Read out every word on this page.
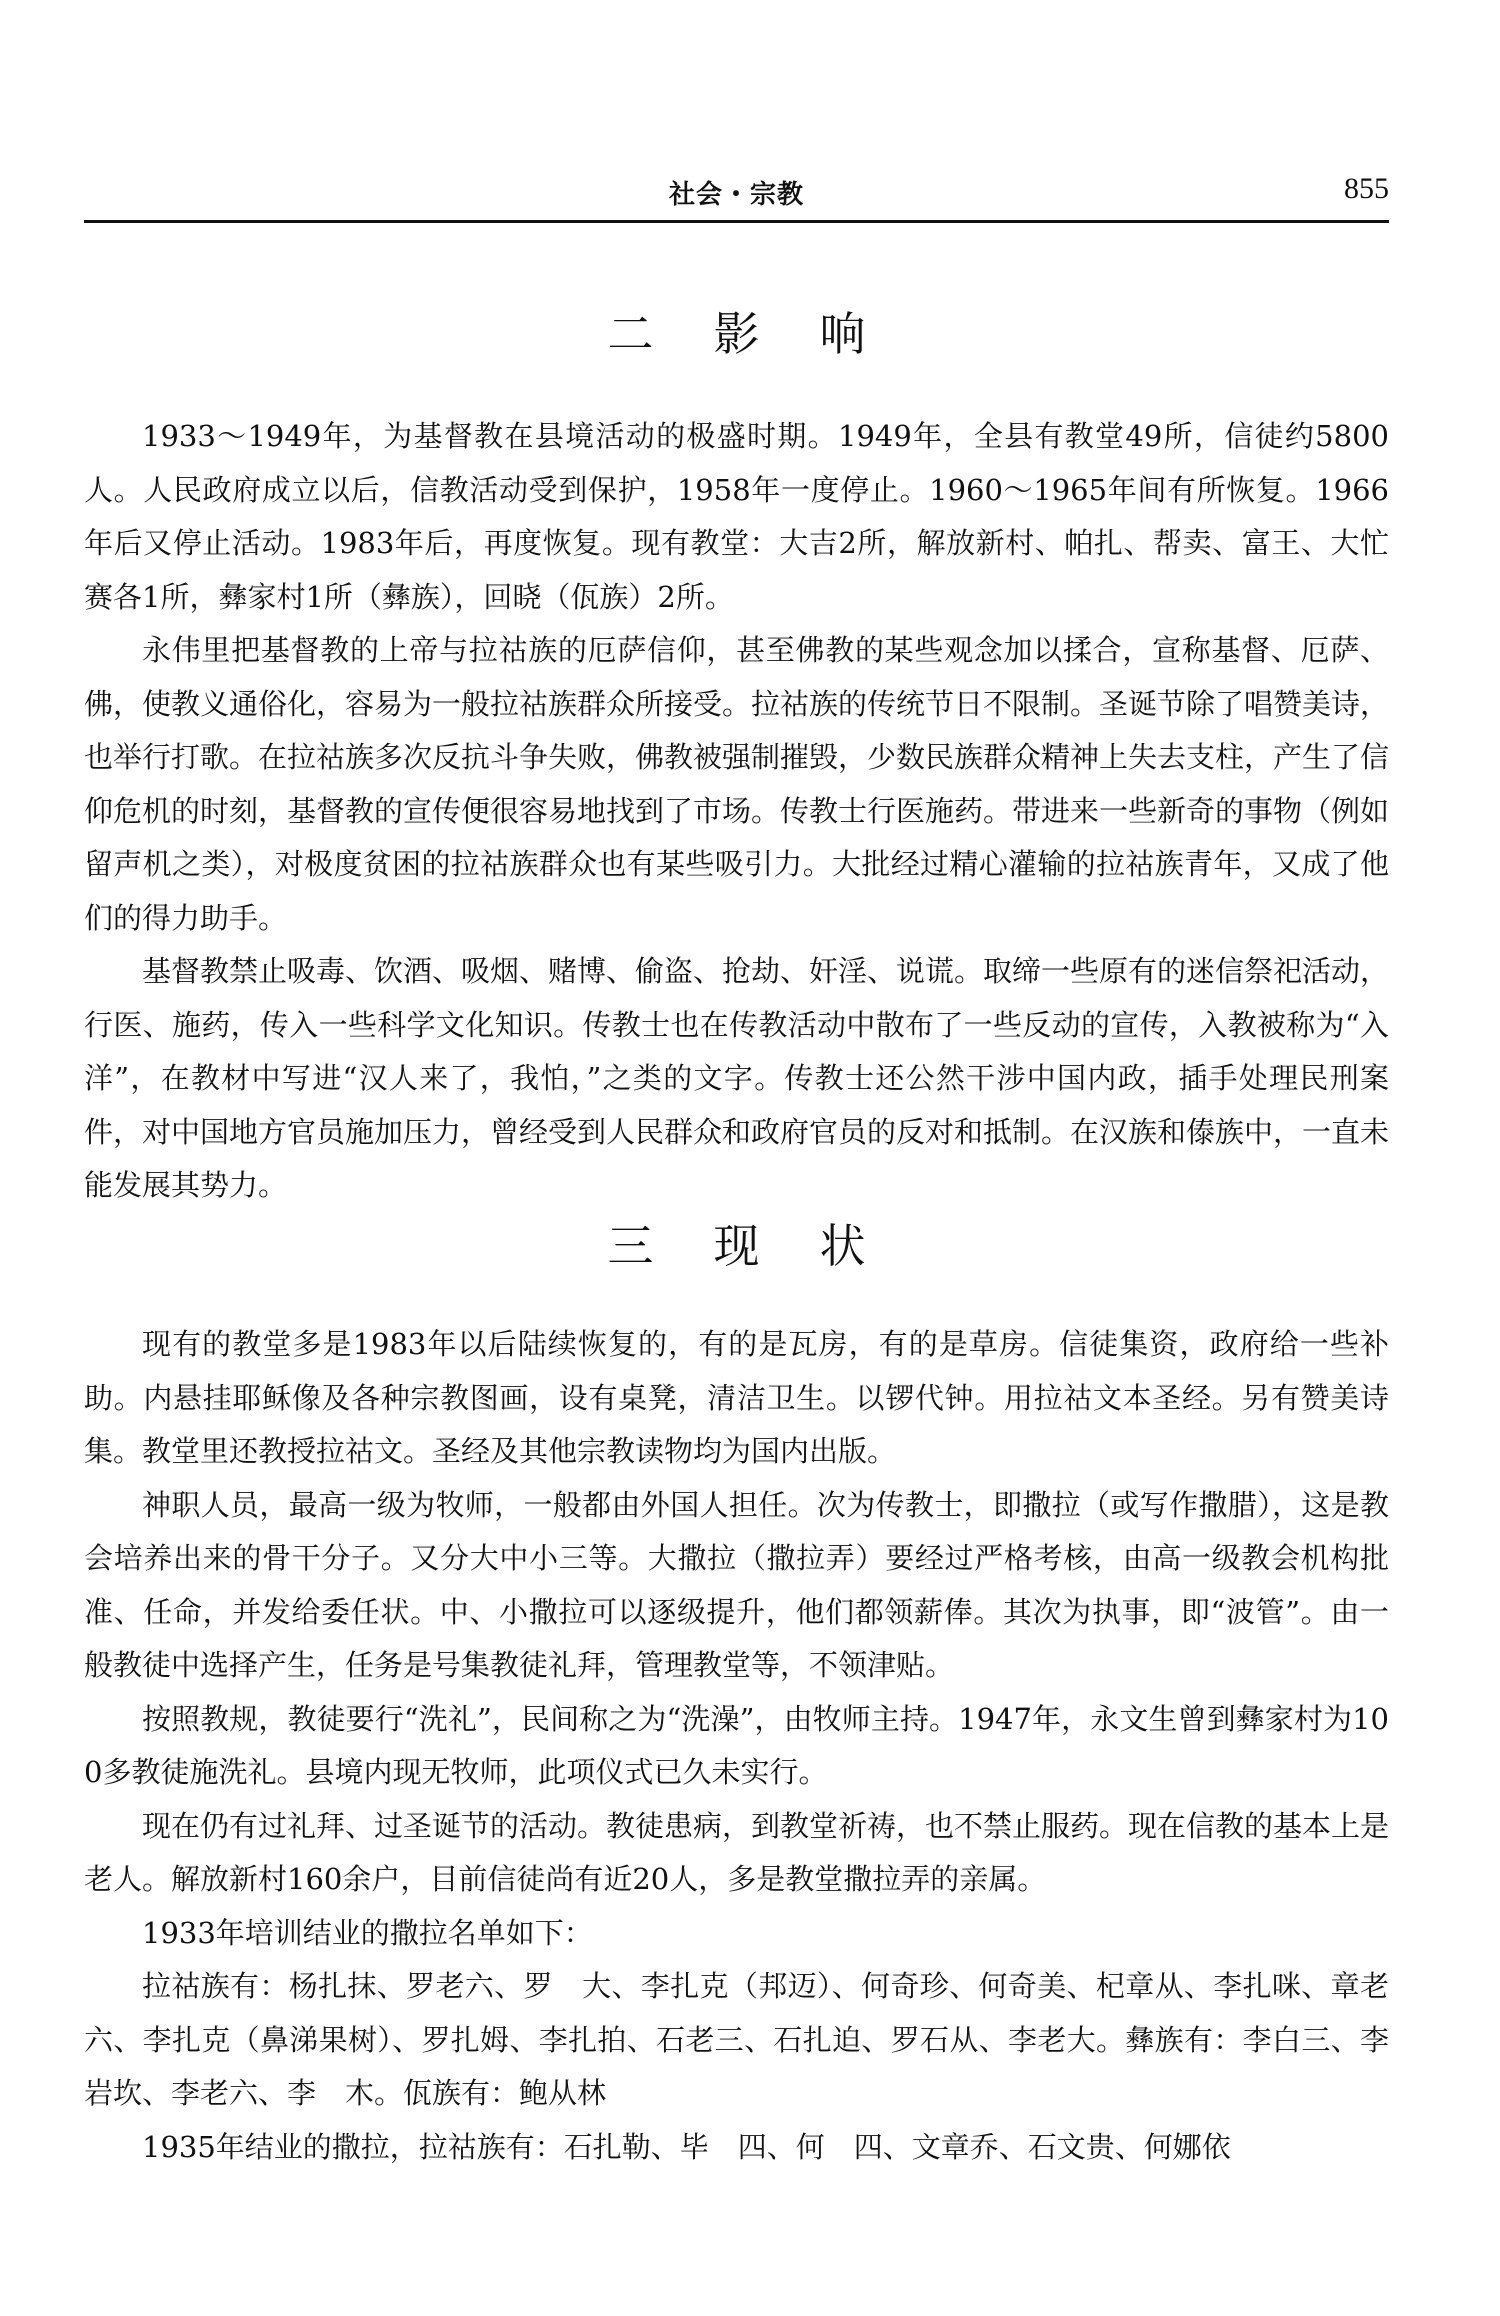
社会・宗教	855
二影响

1933～1949年，为基督教在县境活动的极盛时期。1949年，全县有教堂49所，信徒约5800人。人民政府成立以后，信教活动受到保护，1958年一度停止。1960～1965年间有所恢复。1966年后又停止活动。1983年后，再度恢复。现有教堂：大吉2所，解放新村、帕扎、帮卖、富王、大忙赛各1所，彝家村1所（彝族），回晓（佤族）2所。

永伟里把基督教的上帝与拉祜族的厄萨信仰，甚至佛教的某些观念加以揉合，宣称基督、厄萨、佛，使教义通俗化，容易为一般拉祜族群众所接受。拉祜族的传统节日不限制。圣诞节除了唱赞美诗，也举行打歌。在拉祜族多次反抗斗争失败，佛教被强制摧毁，少数民族群众精神上失去支柱，产生了信仰危机的时刻，基督教的宣传便很容易地找到了市场。传教士行医施药。带进来一些新奇的事物（例如留声机之类），对极度贫困的拉祜族群众也有某些吸引力。大批经过精心灌输的拉祜族青年，又成了他们的得力助手。

基督教禁止吸毒、饮酒、吸烟、赌博、偷盗、抢劫、奸淫、说谎。取缔一些原有的迷信祭祀活动，行医、施药，传入一些科学文化知识。传教士也在传教活动中散布了一些反动的宣传，入教被称为“入洋”，在教材中写进“汉人来了，我怕，”之类的文字。传教士还公然干涉中国内政，插手处理民刑案件，对中国地方官员施加压力，曾经受到人民群众和政府官员的反对和抵制。在汉族和傣族中，一直未能发展其势力。

三现状

现有的教堂多是1983年以后陆续恢复的，有的是瓦房，有的是草房。信徒集资，政府给一些补助。内悬挂耶稣像及各种宗教图画，设有桌凳，清洁卫生。以锣代钟。用拉祜文本圣经。另有赞美诗集。教堂里还教授拉祜文。圣经及其他宗教读物均为国内出版。

神职人员，最高一级为牧师，一般都由外国人担任。次为传教士，即撒拉（或写作撒腊），这是教会培养出来的骨干分子。又分大中小三等。大撒拉（撒拉弄）要经过严格考核，由高一级教会机构批准、任命，并发给委任状。中、小撒拉可以逐级提升，他们都领薪俸。其次为执事，即“波管”。由一般教徒中选择产生，任务是号集教徒礼拜，管理教堂等，不领津贴。

按照教规，教徒要行“洗礼”，民间称之为“洗澡”，由牧师主持。1947年，永文生曾到彝家村为100多教徒施洗礼。县境内现无牧师，此项仪式已久未实行。

现在仍有过礼拜、过圣诞节的活动。教徒患病，到教堂祈祷，也不禁止服药。现在信教的基本上是老人。解放新村160余户，目前信徒尚有近20人，多是教堂撒拉弄的亲属。

1933年培训结业的撒拉名单如下：

拉祜族有：杨扎抹、罗老六、罗　大、李扎克（邦迈）、何奇珍、何奇美、杞章从、李扎咪、章老六、李扎克（鼻涕果树）、罗扎姆、李扎拍、石老三、石扎迫、罗石从、李老大。彝族有：李白三、李岩坎、李老六、李　木。佤族有：鲍从林

1935年结业的撒拉，拉祜族有：石扎勒、毕　四、何　四、文章乔、石文贵、何娜依
